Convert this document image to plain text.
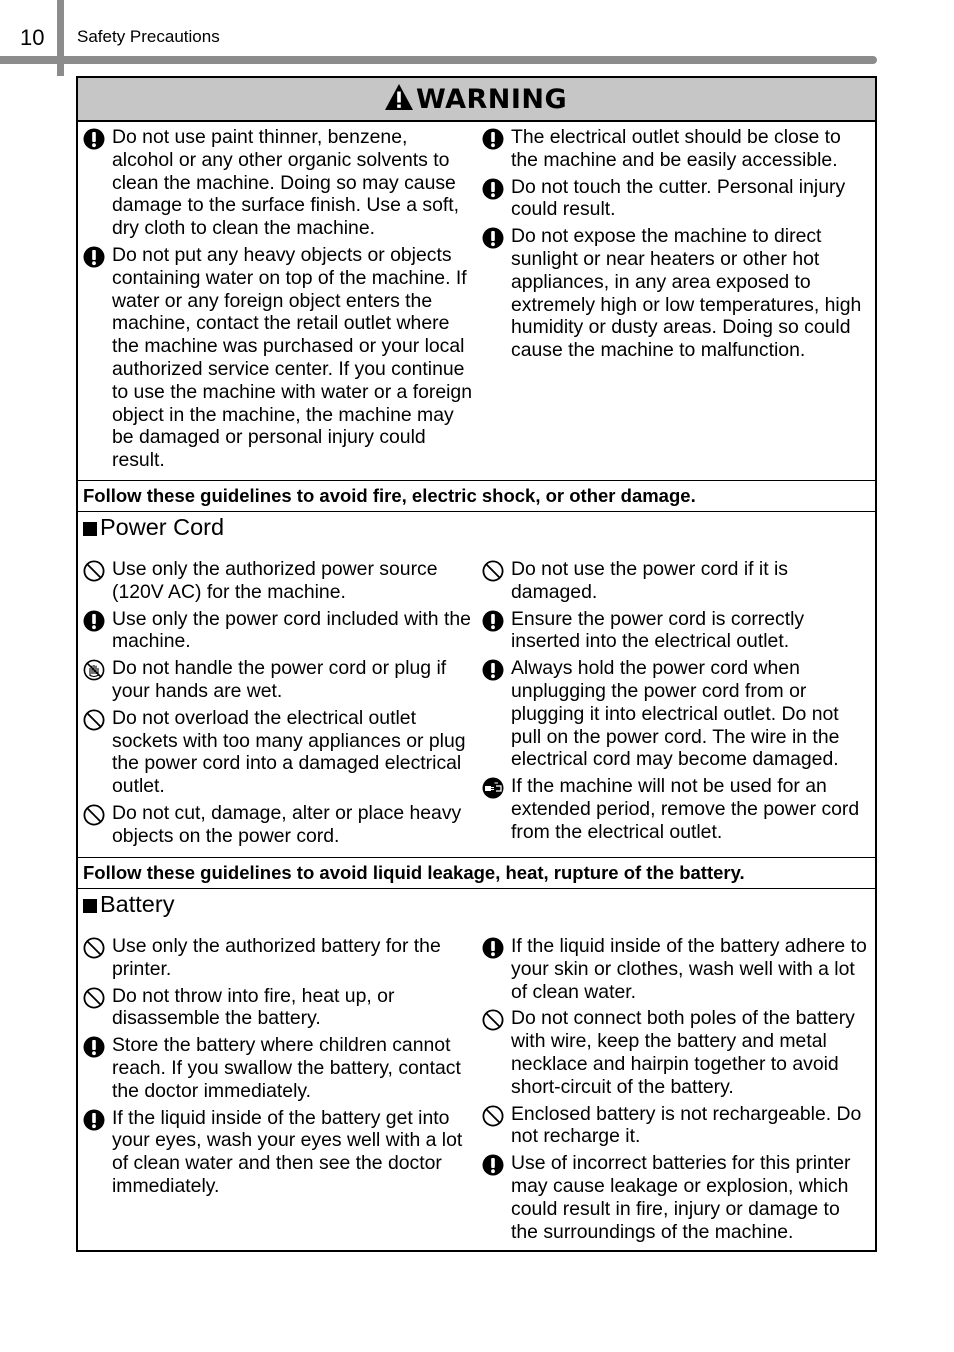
10 Safety Precautions
WARNING
Do not use paint thinner, benzene, alcohol or any other organic solvents to clean the machine. Doing so may cause damage to the surface finish. Use a soft, dry cloth to clean the machine.
Do not put any heavy objects or objects containing water on top of the machine. If water or any foreign object enters the machine, contact the retail outlet where the machine was purchased or your local authorized service center. If you continue to use the machine with water or a foreign object in the machine, the machine may be damaged or personal injury could result.
The electrical outlet should be close to the machine and be easily accessible.
Do not touch the cutter. Personal injury could result.
Do not expose the machine to direct sunlight or near heaters or other hot appliances, in any area exposed to extremely high or low temperatures, high humidity or dusty areas. Doing so could cause the machine to malfunction.
Follow these guidelines to avoid fire, electric shock, or other damage.
Power Cord
Use only the authorized power source (120V AC) for the machine.
Use only the power cord included with the machine.
Do not handle the power cord or plug if your hands are wet.
Do not overload the electrical outlet sockets with too many appliances or plug the power cord into a damaged electrical outlet.
Do not cut, damage, alter or place heavy objects on the power cord.
Do not use the power cord if it is damaged.
Ensure the power cord is correctly inserted into the electrical outlet.
Always hold the power cord when unplugging the power cord from or plugging it into electrical outlet. Do not pull on the power cord. The wire in the electrical cord may become damaged.
If the machine will not be used for an extended period, remove the power cord from the electrical outlet.
Follow these guidelines to avoid liquid leakage, heat, rupture of the battery.
Battery
Use only the authorized battery for the printer.
Do not throw into fire, heat up, or disassemble the battery.
Store the battery where children cannot reach. If you swallow the battery, contact the doctor immediately.
If the liquid inside of the battery get into your eyes, wash your eyes well with a lot of clean water and then see the doctor immediately.
If the liquid inside of the battery adhere to your skin or clothes, wash well with a lot of clean water.
Do not connect both poles of the battery with wire, keep the battery and metal necklace and hairpin together to avoid short-circuit of the battery.
Enclosed battery is not rechargeable. Do not recharge it.
Use of incorrect batteries for this printer may cause leakage or explosion, which could result in fire, injury or damage to the surroundings of the machine.
